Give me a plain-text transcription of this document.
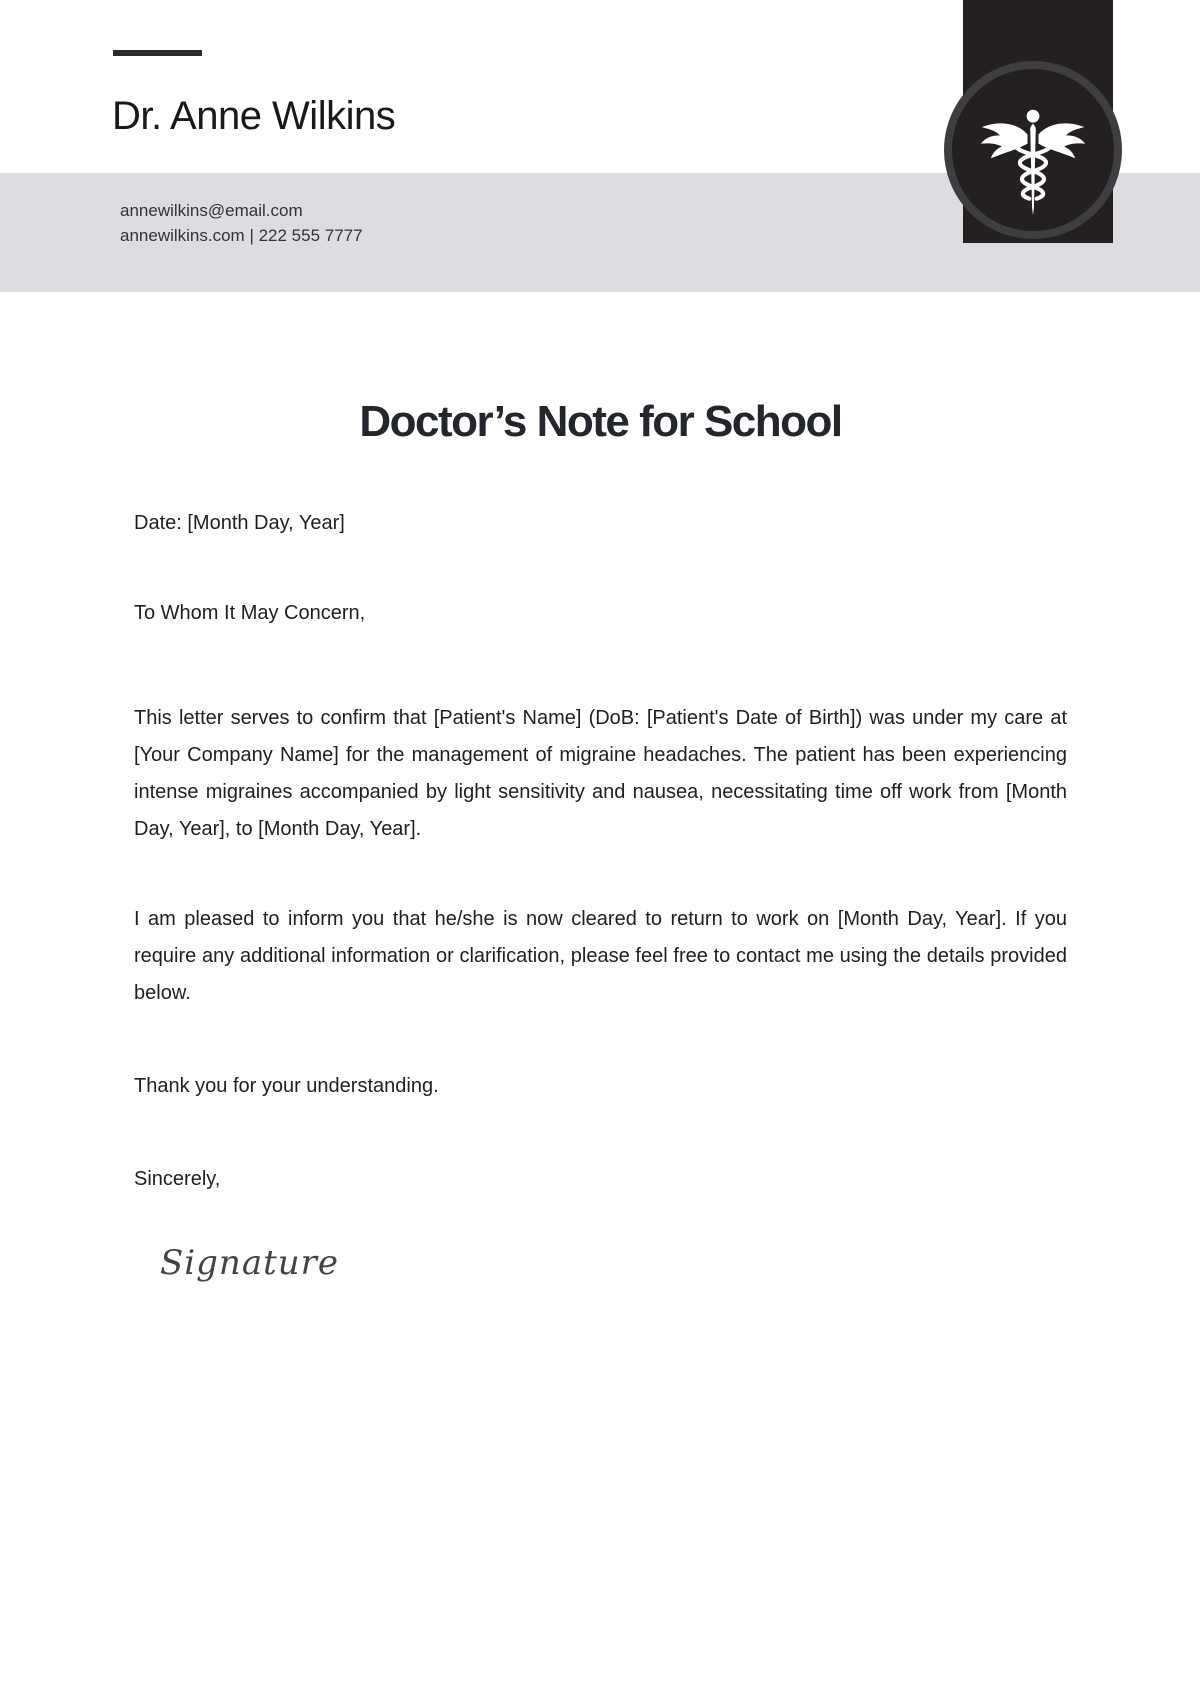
Dr. Anne Wilkins
annewilkins@email.com
annewilkins.com | 222 555 7777
Doctor’s Note for School

Date: [Month Day, Year]

To Whom It May Concern,

This letter serves to confirm that [Patient's Name] (DoB: [Patient's Date of Birth]) was under my care at [Your Company Name] for the management of migraine headaches. The patient has been experiencing intense migraines accompanied by light sensitivity and nausea, necessitating time off work from [Month Day, Year], to [Month Day, Year].

I am pleased to inform you that he/she is now cleared to return to work on [Month Day, Year]. If you require any additional information or clarification, please feel free to contact me using the details provided below.

Thank you for your understanding.

Sincerely,

Signature
